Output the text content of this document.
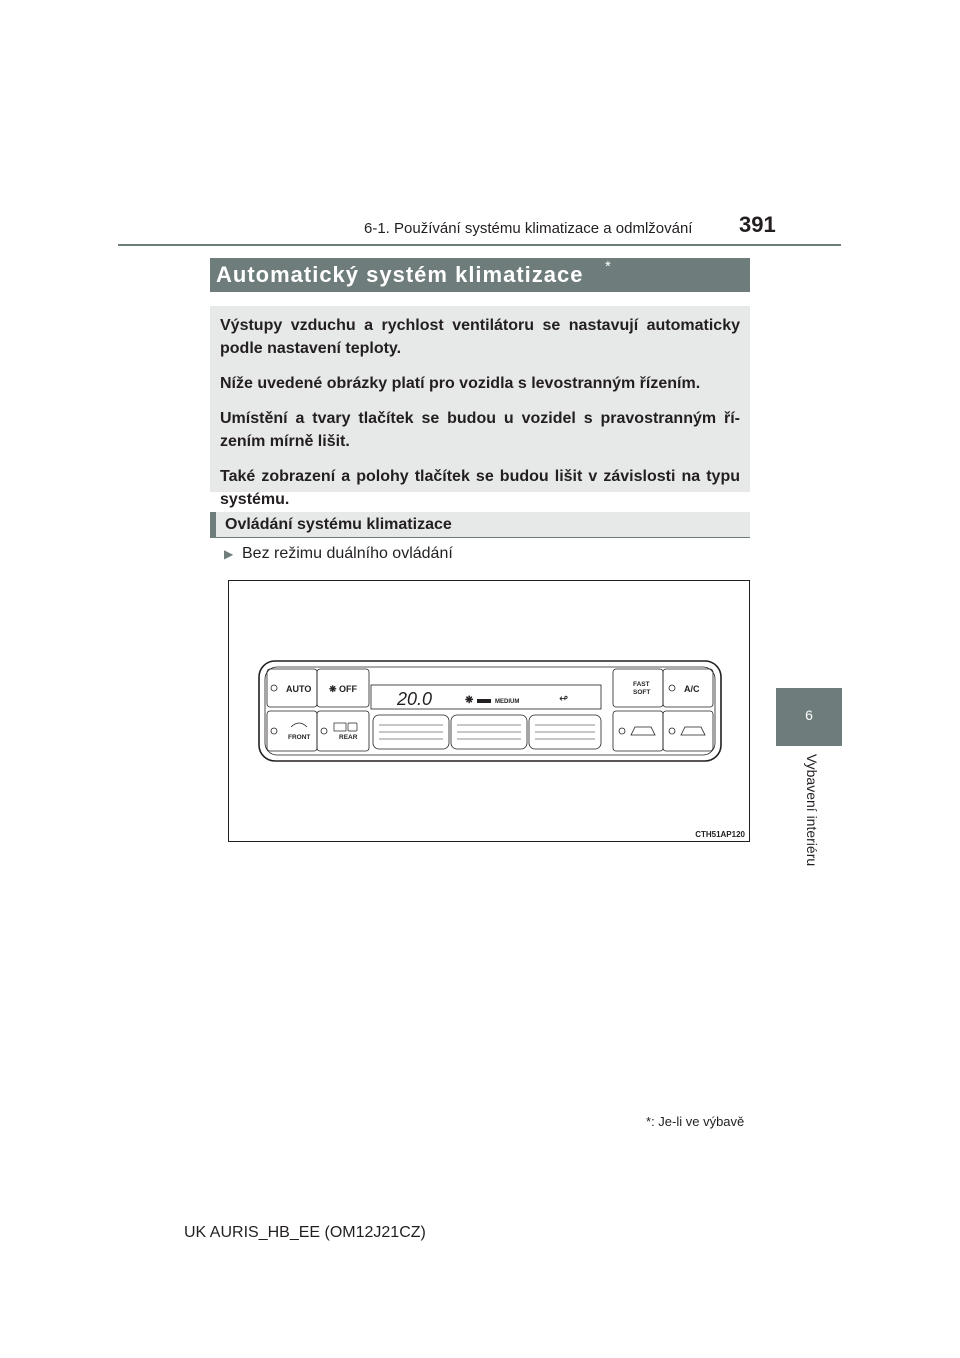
6-1. Používání systému klimatizace a odmlžování 391
6
Vybavení interiéru
Automatický systém klimatizace *

Výstupy vzduchu a rychlost ventilátoru se nastavují automaticky podle nastavení teploty.

Níže uvedené obrázky platí pro vozidla s levostranným řízením.

Umístění a tvary tlačítek se budou u vozidel s pravostranným ří-zením mírně lišit.

Také zobrazení a polohy tlačítek se budou lišit v závislosti na typu systému.

Ovládání systému klimatizace
▶ Bez režimu duálního ovládání
AUTO ❋ OFF
FRONT	REAR
20.0	❋	MEDIUM	↫
FAST
SOFT	A/C
CTH51AP120
*: Je-li ve výbavě
UK AURIS_HB_EE (OM12J21CZ)
